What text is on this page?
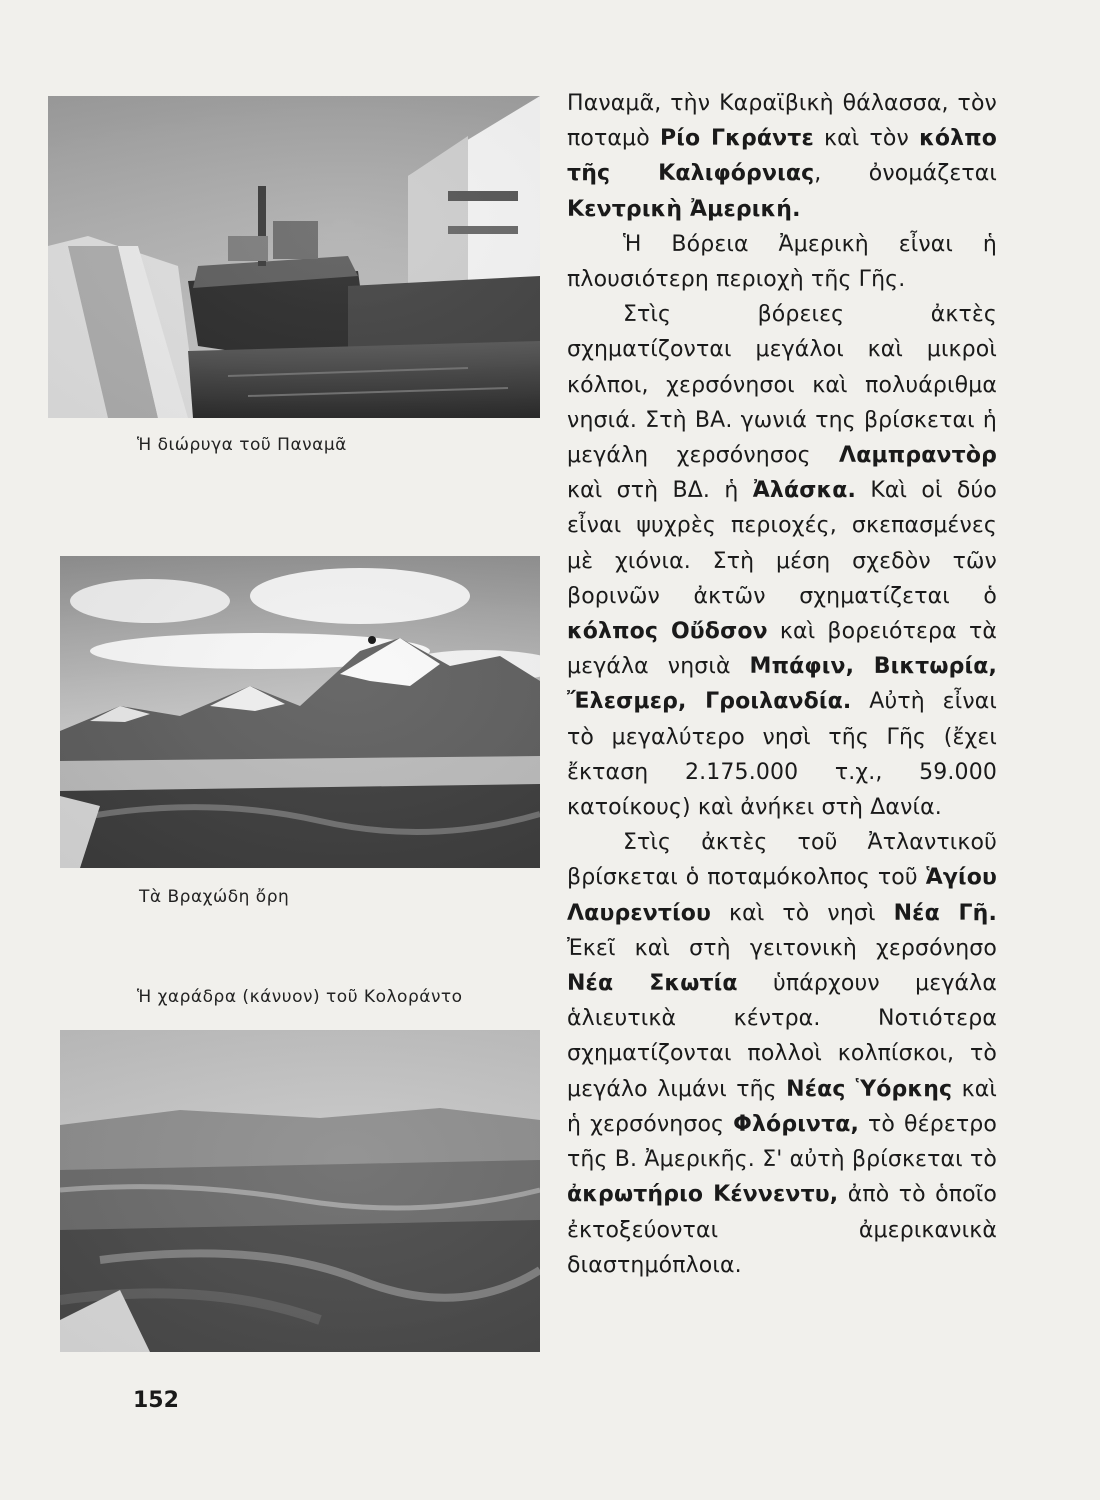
Ἡ διώρυγα τοῦ Παναμᾶ
Τὰ Βραχώδη ὄρη
Ἡ χαράδρα (κάνυον) τοῦ Κολοράντο

Παναμᾶ, τὴν Καραϊβικὴ θάλασσα, τὸν ποταμὸ Ρίο Γκράντε καὶ τὸν κόλπο τῆς Καλιφόρνιας, ὀνομάζεται Κεντρικὴ Ἀμερική.

Ἡ Βόρεια Ἀμερικὴ εἶναι ἡ πλουσιότερη περιοχὴ τῆς Γῆς.

Στὶς βόρειες ἀκτὲς σχηματίζονται μεγάλοι καὶ μικροὶ κόλποι, χερσόνησοι καὶ πολυάριθμα νησιά. Στὴ ΒΑ. γωνιά της βρίσκεται ἡ μεγάλη χερσόνησος Λαμπραντὸρ καὶ στὴ ΒΔ. ἡ Ἀλάσκα. Καὶ οἱ δύο εἶναι ψυχρὲς περιοχές, σκεπασμένες μὲ χιόνια. Στὴ μέση σχεδὸν τῶν βορινῶν ἀκτῶν σχηματίζεται ὁ κόλπος Οὔδσον καὶ βορειότερα τὰ μεγάλα νησιὰ Μπάφιν, Βικτωρία, Ἔλεσμερ, Γροιλανδία. Αὐτὴ εἶναι τὸ μεγαλύτερο νησὶ τῆς Γῆς (ἔχει ἔκταση 2.175.000 τ.χ., 59.000 κατοίκους) καὶ ἀνήκει στὴ Δανία.

Στὶς ἀκτὲς τοῦ Ἀτλαντικοῦ βρίσκεται ὁ ποταμόκολπος τοῦ Ἁγίου Λαυρεντίου καὶ τὸ νησὶ Νέα Γῆ. Ἐκεῖ καὶ στὴ γειτονικὴ χερσόνησο Νέα Σκωτία ὑπάρχουν μεγάλα ἁλιευτικὰ κέντρα. Νοτιότερα σχηματίζονται πολλοὶ κολπίσκοι, τὸ μεγάλο λιμάνι τῆς Νέας Ὑόρκης καὶ ἡ χερσόνησος Φλόριντα, τὸ θέρετρο τῆς Β. Ἀμερικῆς. Σ' αὐτὴ βρίσκεται τὸ ἀκρωτήριο Κέννεντυ, ἀπὸ τὸ ὁποῖο ἐκτοξεύονται ἀμερικανικὰ διαστημόπλοια.

152
